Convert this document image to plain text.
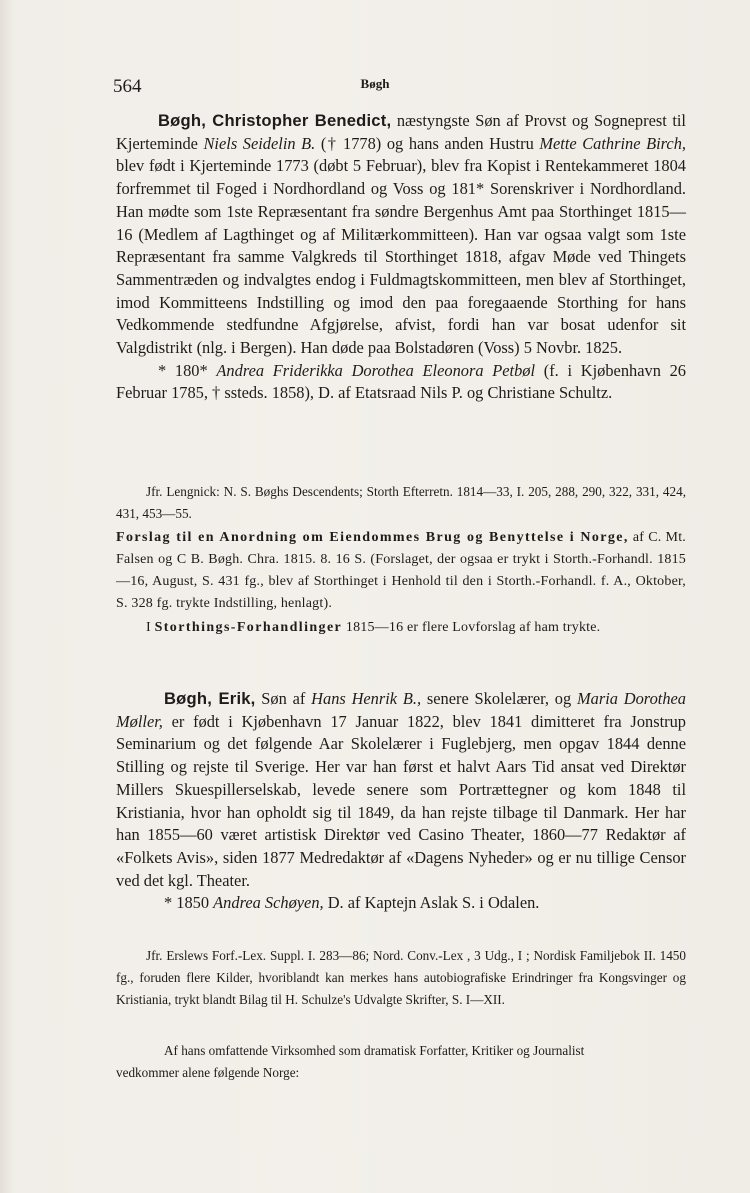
564	Bøgh

Bøgh, Christopher Benedict, næstyngste Søn af Provst og Sogneprest til Kjerteminde Niels Seidelin B. († 1778) og hans anden Hustru Mette Cathrine Birch, blev født i Kjerteminde 1773 (døbt 5 Februar), blev fra Kopist i Rentekammeret 1804 forfremmet til Foged i Nordhordland og Voss og 181* Sorenskriver i Nordhordland. Han mødte som 1ste Repræsentant fra søndre Bergenhus Amt paa Storthinget 1815—16 (Medlem af Lagthinget og af Militærkommitteen). Han var ogsaa valgt som 1ste Repræsentant fra samme Valgkreds til Storthinget 1818, afgav Møde ved Thingets Sammentræden og indvalgtes endog i Fuldmagtskommitteen, men blev af Storthinget, imod Kommitteens Indstilling og imod den paa foregaaende Storthing for hans Vedkommende stedfundne Afgjørelse, afvist, fordi han var bosat udenfor sit Valgdistrikt (nlg. i Bergen). Han døde paa Bolstadøren (Voss) 5 Novbr. 1825.

* 180* Andrea Friderikka Dorothea Eleonora Petbøl (f. i Kjøbenhavn 26 Februar 1785, † ssteds. 1858), D. af Etatsraad Nils P. og Christiane Schultz.

Jfr. Lengnick: N. S. Bøghs Descendents; Storth Efterretn. 1814—33, I. 205, 288, 290, 322, 331, 424, 431, 453—55.

Forslag til en Anordning om Eiendommes Brug og Benyttelse i Norge, af C. Mt. Falsen og C B. Bøgh. Chra. 1815. 8. 16 S. (Forslaget, der ogsaa er trykt i Storth.-Forhandl. 1815—16, August, S. 431 fg., blev af Storthinget i Henhold til den i Storth.-Forhandl. f. A., Oktober, S. 328 fg. trykte Indstilling, henlagt).

I Storthings-Forhandlinger 1815—16 er flere Lovforslag af ham trykte.

Bøgh, Erik, Søn af Hans Henrik B., senere Skolelærer, og Maria Dorothea Møller, er født i Kjøbenhavn 17 Januar 1822, blev 1841 dimitteret fra Jonstrup Seminarium og det følgende Aar Skolelærer i Fuglebjerg, men opgav 1844 denne Stilling og rejste til Sverige. Her var han først et halvt Aars Tid ansat ved Direktør Millers Skuespillerselskab, levede senere som Portrættegner og kom 1848 til Kristiania, hvor han opholdt sig til 1849, da han rejste tilbage til Danmark. Her har han 1855—60 været artistisk Direktør ved Casino Theater, 1860—77 Redaktør af «Folkets Avis», siden 1877 Medredaktør af «Dagens Nyheder» og er nu tillige Censor ved det kgl. Theater.

* 1850 Andrea Schøyen, D. af Kaptejn Aslak S. i Odalen.

Jfr. Erslews Forf.-Lex. Suppl. I. 283—86; Nord. Conv.-Lex , 3 Udg., I ; Nordisk Familjebok II. 1450 fg., foruden flere Kilder, hvoriblandt kan merkes hans autobiografiske Erindringer fra Kongsvinger og Kristiania, trykt blandt Bilag til H. Schulze's Udvalgte Skrifter, S. I—XII.

Af hans omfattende Virksomhed som dramatisk Forfatter, Kritiker og Journalist

vedkommer alene følgende Norge:
